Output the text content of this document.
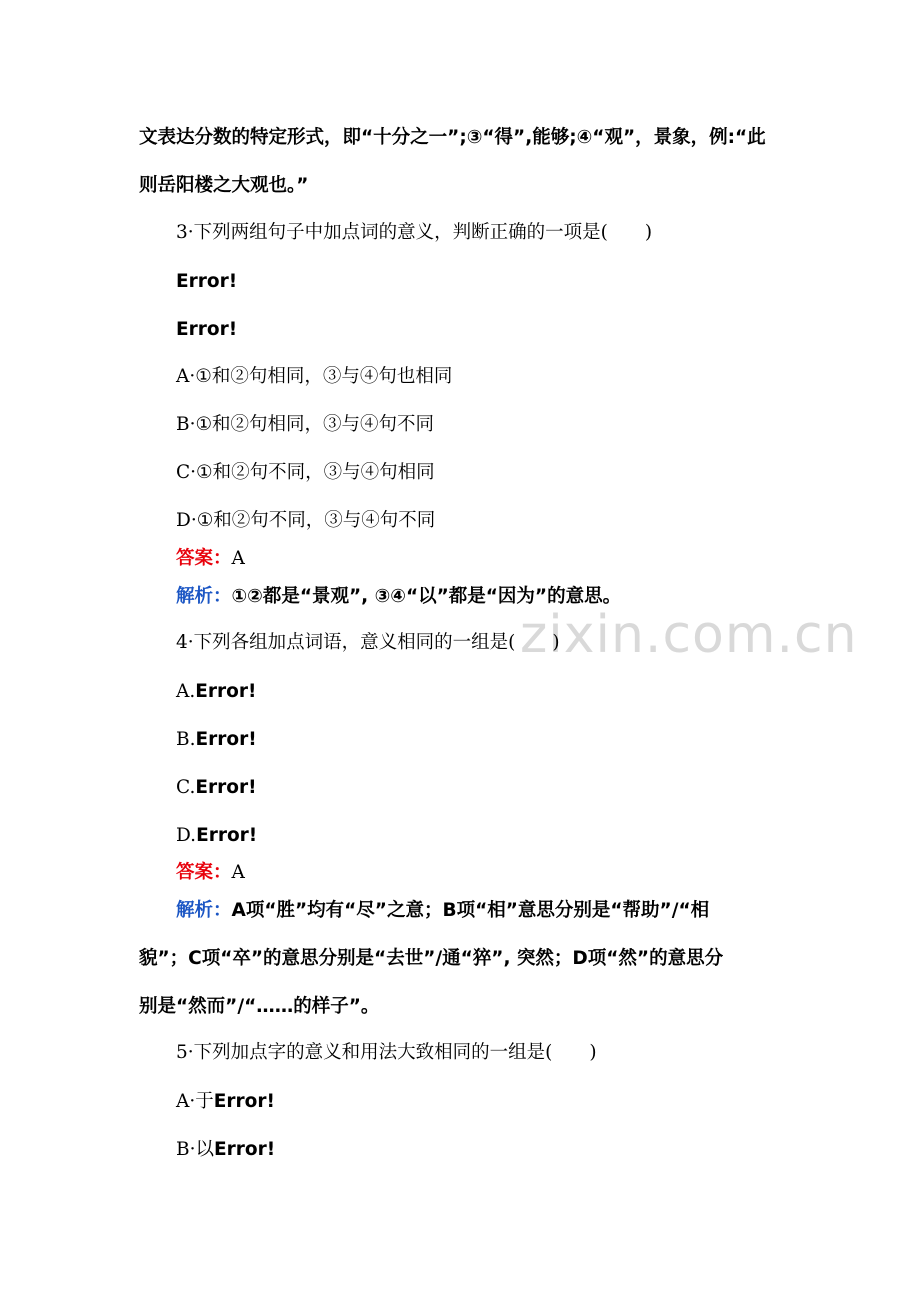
zixin.com.cn
文表达分数的特定形式，即“十分之一”;③“得”,能够;④“观”，景象，例:“此
则岳阳楼之大观也。”
3·下列两组句子中加点词的意义，判断正确的一项是(　　)
Error!
Error!
A·①和②句相同，③与④句也相同
B·①和②句相同，③与④句不同
C·①和②句不同，③与④句相同
D·①和②句不同，③与④句不同
答案：A
解析：①②都是“景观”, ③④“以”都是“因为”的意思。
4·下列各组加点词语，意义相同的一组是(　　)
A.Error!
B.Error!
C.Error!
D.Error!
答案：A
解析：A项“胜”均有“尽”之意；B项“相”意思分别是“帮助”/“相
貌”；C项“卒”的意思分别是“去世”/通“猝”, 突然；D项“然”的意思分
别是“然而”/“……的样子”。
5·下列加点字的意义和用法大致相同的一组是(　　)
A·于Error!
B·以Error!
